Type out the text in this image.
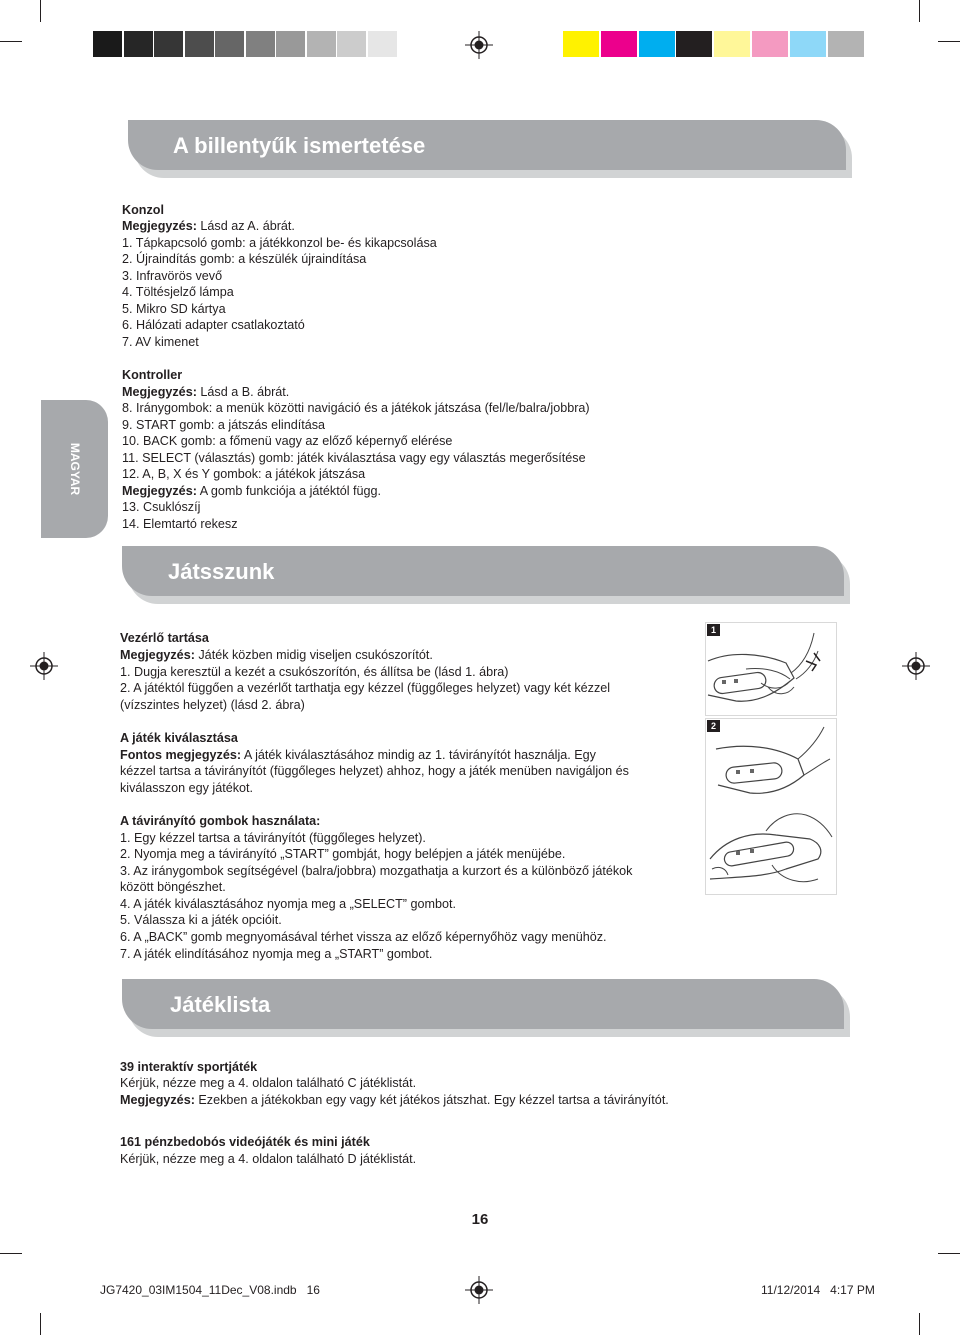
MAGYAR
A billentyűk ismertetése
Konzol
Megjegyzés: Lásd az A. ábrát.
1. Tápkapcsoló gomb: a játékkonzol be- és kikapcsolása
2. Újraindítás gomb: a készülék újraindítása
3. Infravörös vevő
4. Töltésjelző lámpa
5. Mikro SD kártya
6. Hálózati adapter csatlakoztató
7. AV kimenet
Kontroller
Megjegyzés: Lásd a B. ábrát.
8. Iránygombok: a menük közötti navigáció és a játékok játszása (fel/le/balra/jobbra)
9. START gomb: a játszás elindítása
10. BACK gomb: a főmenü vagy az előző képernyő elérése
11. SELECT (választás) gomb: játék kiválasztása vagy egy választás megerősítése
12. A, B, X és Y gombok: a játékok játszása
Megjegyzés: A gomb funkciója a játéktól függ.
13. Csuklószíj
14. Elemtartó rekesz
Játsszunk
Vezérlő tartása
Megjegyzés: Játék közben midig viseljen csukószorítót.
1. Dugja keresztül a kezét a csukószorítón, és állítsa be (lásd 1. ábra)
2. A játéktól függően a vezérlőt tarthatja egy kézzel (függőleges helyzet) vagy két kézzel
(vízszintes helyzet) (lásd 2. ábra)
A játék kiválasztása
Fontos megjegyzés: A játék kiválasztásához mindig az 1. távirányítót használja. Egy
kézzel tartsa a távirányítót (függőleges helyzet) ahhoz, hogy a játék menüben navigáljon és
kiválasszon egy játékot.
A távirányító gombok használata:
1. Egy kézzel tartsa a távirányítót (függőleges helyzet).
2. Nyomja meg a távirányító „START” gombját, hogy belépjen a játék menüjébe.
3. Az iránygombok segítségével (balra/jobbra) mozgathatja a kurzort és a különböző játékok
között böngészhet.
4. A játék kiválasztásához nyomja meg a „SELECT” gombot.
5. Válassza ki a játék opcióit.
6. A „BACK” gomb megnyomásával térhet vissza az előző képernyőhöz vagy menühöz.
7. A játék elindításához nyomja meg a „START” gombot.
1
2
Játéklista
39 interaktív sportjáték
Kérjük, nézze meg a 4. oldalon található C játéklistát.
Megjegyzés: Ezekben a játékokban egy vagy két játékos játszhat. Egy kézzel tartsa a távirányítót.
161 pénzbedobós videójáték és mini játék
Kérjük, nézze meg a 4. oldalon található D játéklistát.
16
JG7420_03IM1504_11Dec_V08.indb   16	11/12/2014   4:17 PM
